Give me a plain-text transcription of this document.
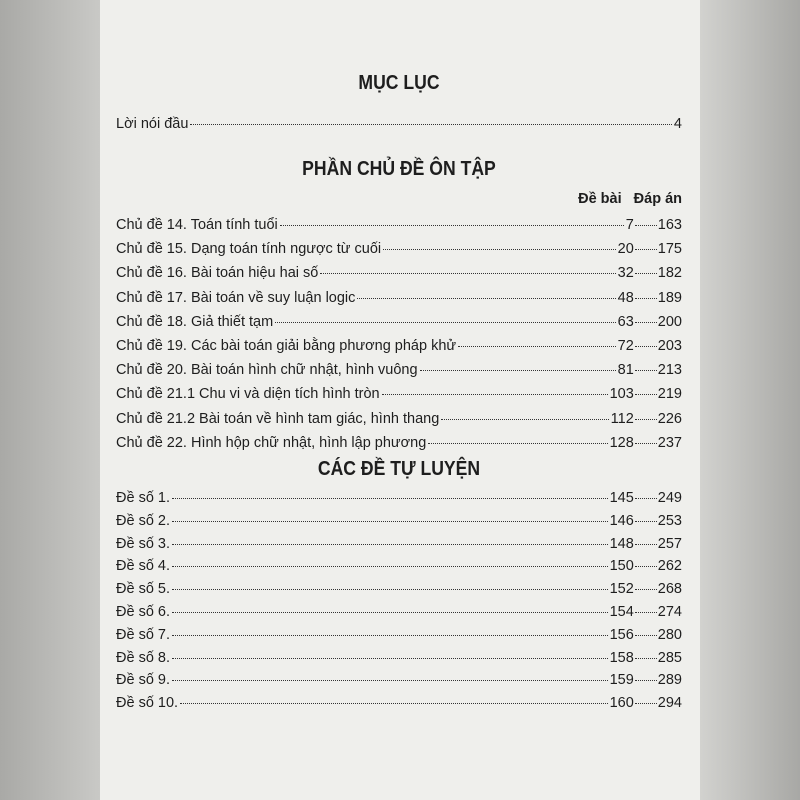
MỤC LỤC
Lời nói đầu	4
PHẦN CHỦ ĐỀ ÔN TẬP
Đề bài Đáp án
Chủ đề 14. Toán tính tuổi	7 163
Chủ đề 15. Dạng toán tính ngược từ cuối	20 175
Chủ đề 16. Bài toán hiệu hai số	32 182
Chủ đề 17. Bài toán về suy luận logic	48 189
Chủ đề 18. Giả thiết tạm	63 200
Chủ đề 19. Các bài toán giải bằng phương pháp khử	72 203
Chủ đề 20. Bài toán hình chữ nhật, hình vuông	81 213
Chủ đề 21.1 Chu vi và diện tích hình tròn	103 219
Chủ đề 21.2 Bài toán về hình tam giác, hình thang	112 226
Chủ đề 22. Hình hộp chữ nhật, hình lập phương	128 237
CÁC ĐỀ TỰ LUYỆN
Đề số 1.	145 249
Đề số 2.	146 253
Đề số 3.	148 257
Đề số 4.	150 262
Đề số 5.	152 268
Đề số 6.	154 274
Đề số 7.	156 280
Đề số 8.	158 285
Đề số 9.	159 289
Đề số 10.	160 294
